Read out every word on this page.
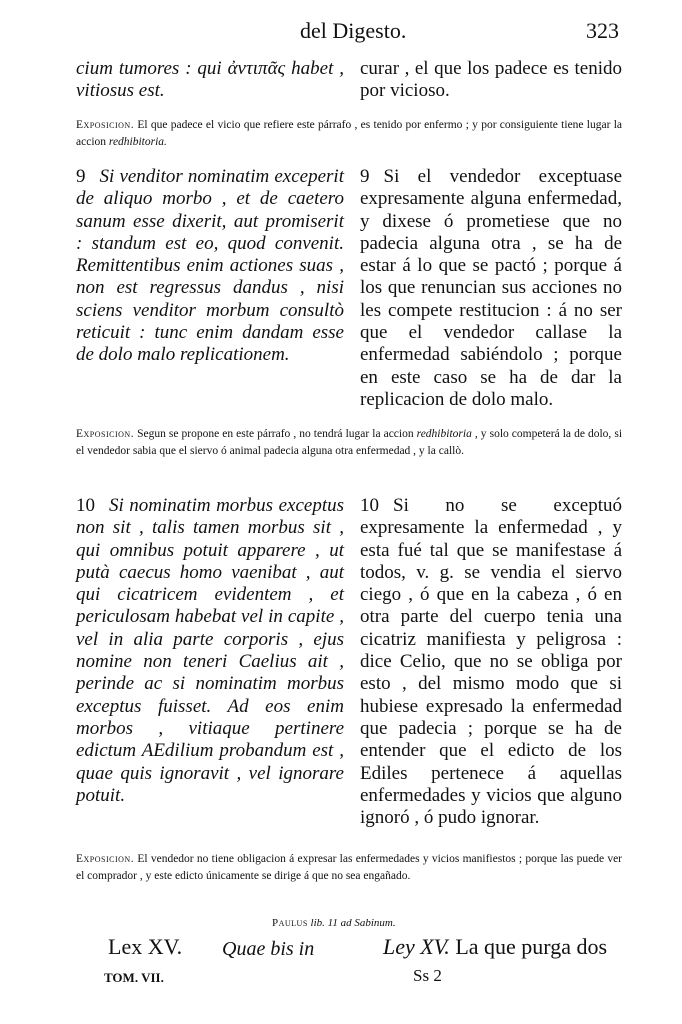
del Digesto.	323

cium tumores : qui ἀντιπᾶς habet , vitiosus est.

curar , el que los padece es tenido por vicioso.

Exposicion. El que padece el vicio que refiere este párrafo , es tenido por enfermo ; y por consiguiente tiene lugar la accion redhibitoria.

9 Si venditor nominatim exceperit de aliquo morbo , et de caetero sanum esse dixerit, aut promiserit : standum est eo, quod convenit. Remittentibus enim actiones suas , non est regressus dandus , nisi sciens venditor morbum consultò reticuit : tunc enim dandam esse de dolo malo replicationem.

9 Si el vendedor exceptuase expresamente alguna enfermedad, y dixese ó prometiese que no padecia alguna otra , se ha de estar á lo que se pactó ; porque á los que renuncian sus acciones no les compete restitucion : á no ser que el vendedor callase la enfermedad sabiéndolo ; porque en este caso se ha de dar la replicacion de dolo malo.

Exposicion. Segun se propone en este párrafo , no tendrá lugar la accion redhibitoria , y solo competerá la de dolo, si el vendedor sabia que el siervo ó animal padecia alguna otra enfermedad , y la callò.

10 Si nominatim morbus exceptus non sit , talis tamen morbus sit , qui omnibus potuit apparere , ut putà caecus homo vaenibat , aut qui cicatricem evidentem , et periculosam habebat vel in capite , vel in alia parte corporis , ejus nomine non teneri Caelius ait , perinde ac si nominatim morbus exceptus fuisset. Ad eos enim morbos , vitiaque pertinere edictum AEdilium probandum est , quae quis ignoravit , vel ignorare potuit.

10 Si no se exceptuó expresamente la enfermedad , y esta fué tal que se manifestase á todos, v. g. se vendia el siervo ciego , ó que en la cabeza , ó en otra parte del cuerpo tenia una cicatriz manifiesta y peligrosa : dice Celio, que no se obliga por esto , del mismo modo que si hubiese expresado la enfermedad que padecia ; porque se ha de entender que el edicto de los Ediles pertenece á aquellas enfermedades y vicios que alguno ignoró , ó pudo ignorar.

Exposicion. El vendedor no tiene obligacion á expresar las enfermedades y vicios manifiestos ; porque las puede ver el comprador , y este edicto únicamente se dirige á que no sea engañado.

Paulus lib. 11 ad Sabinum.
Lex XV. Quae bis in	Ley XV. La que purga dos
TOM. VII.	Ss 2
